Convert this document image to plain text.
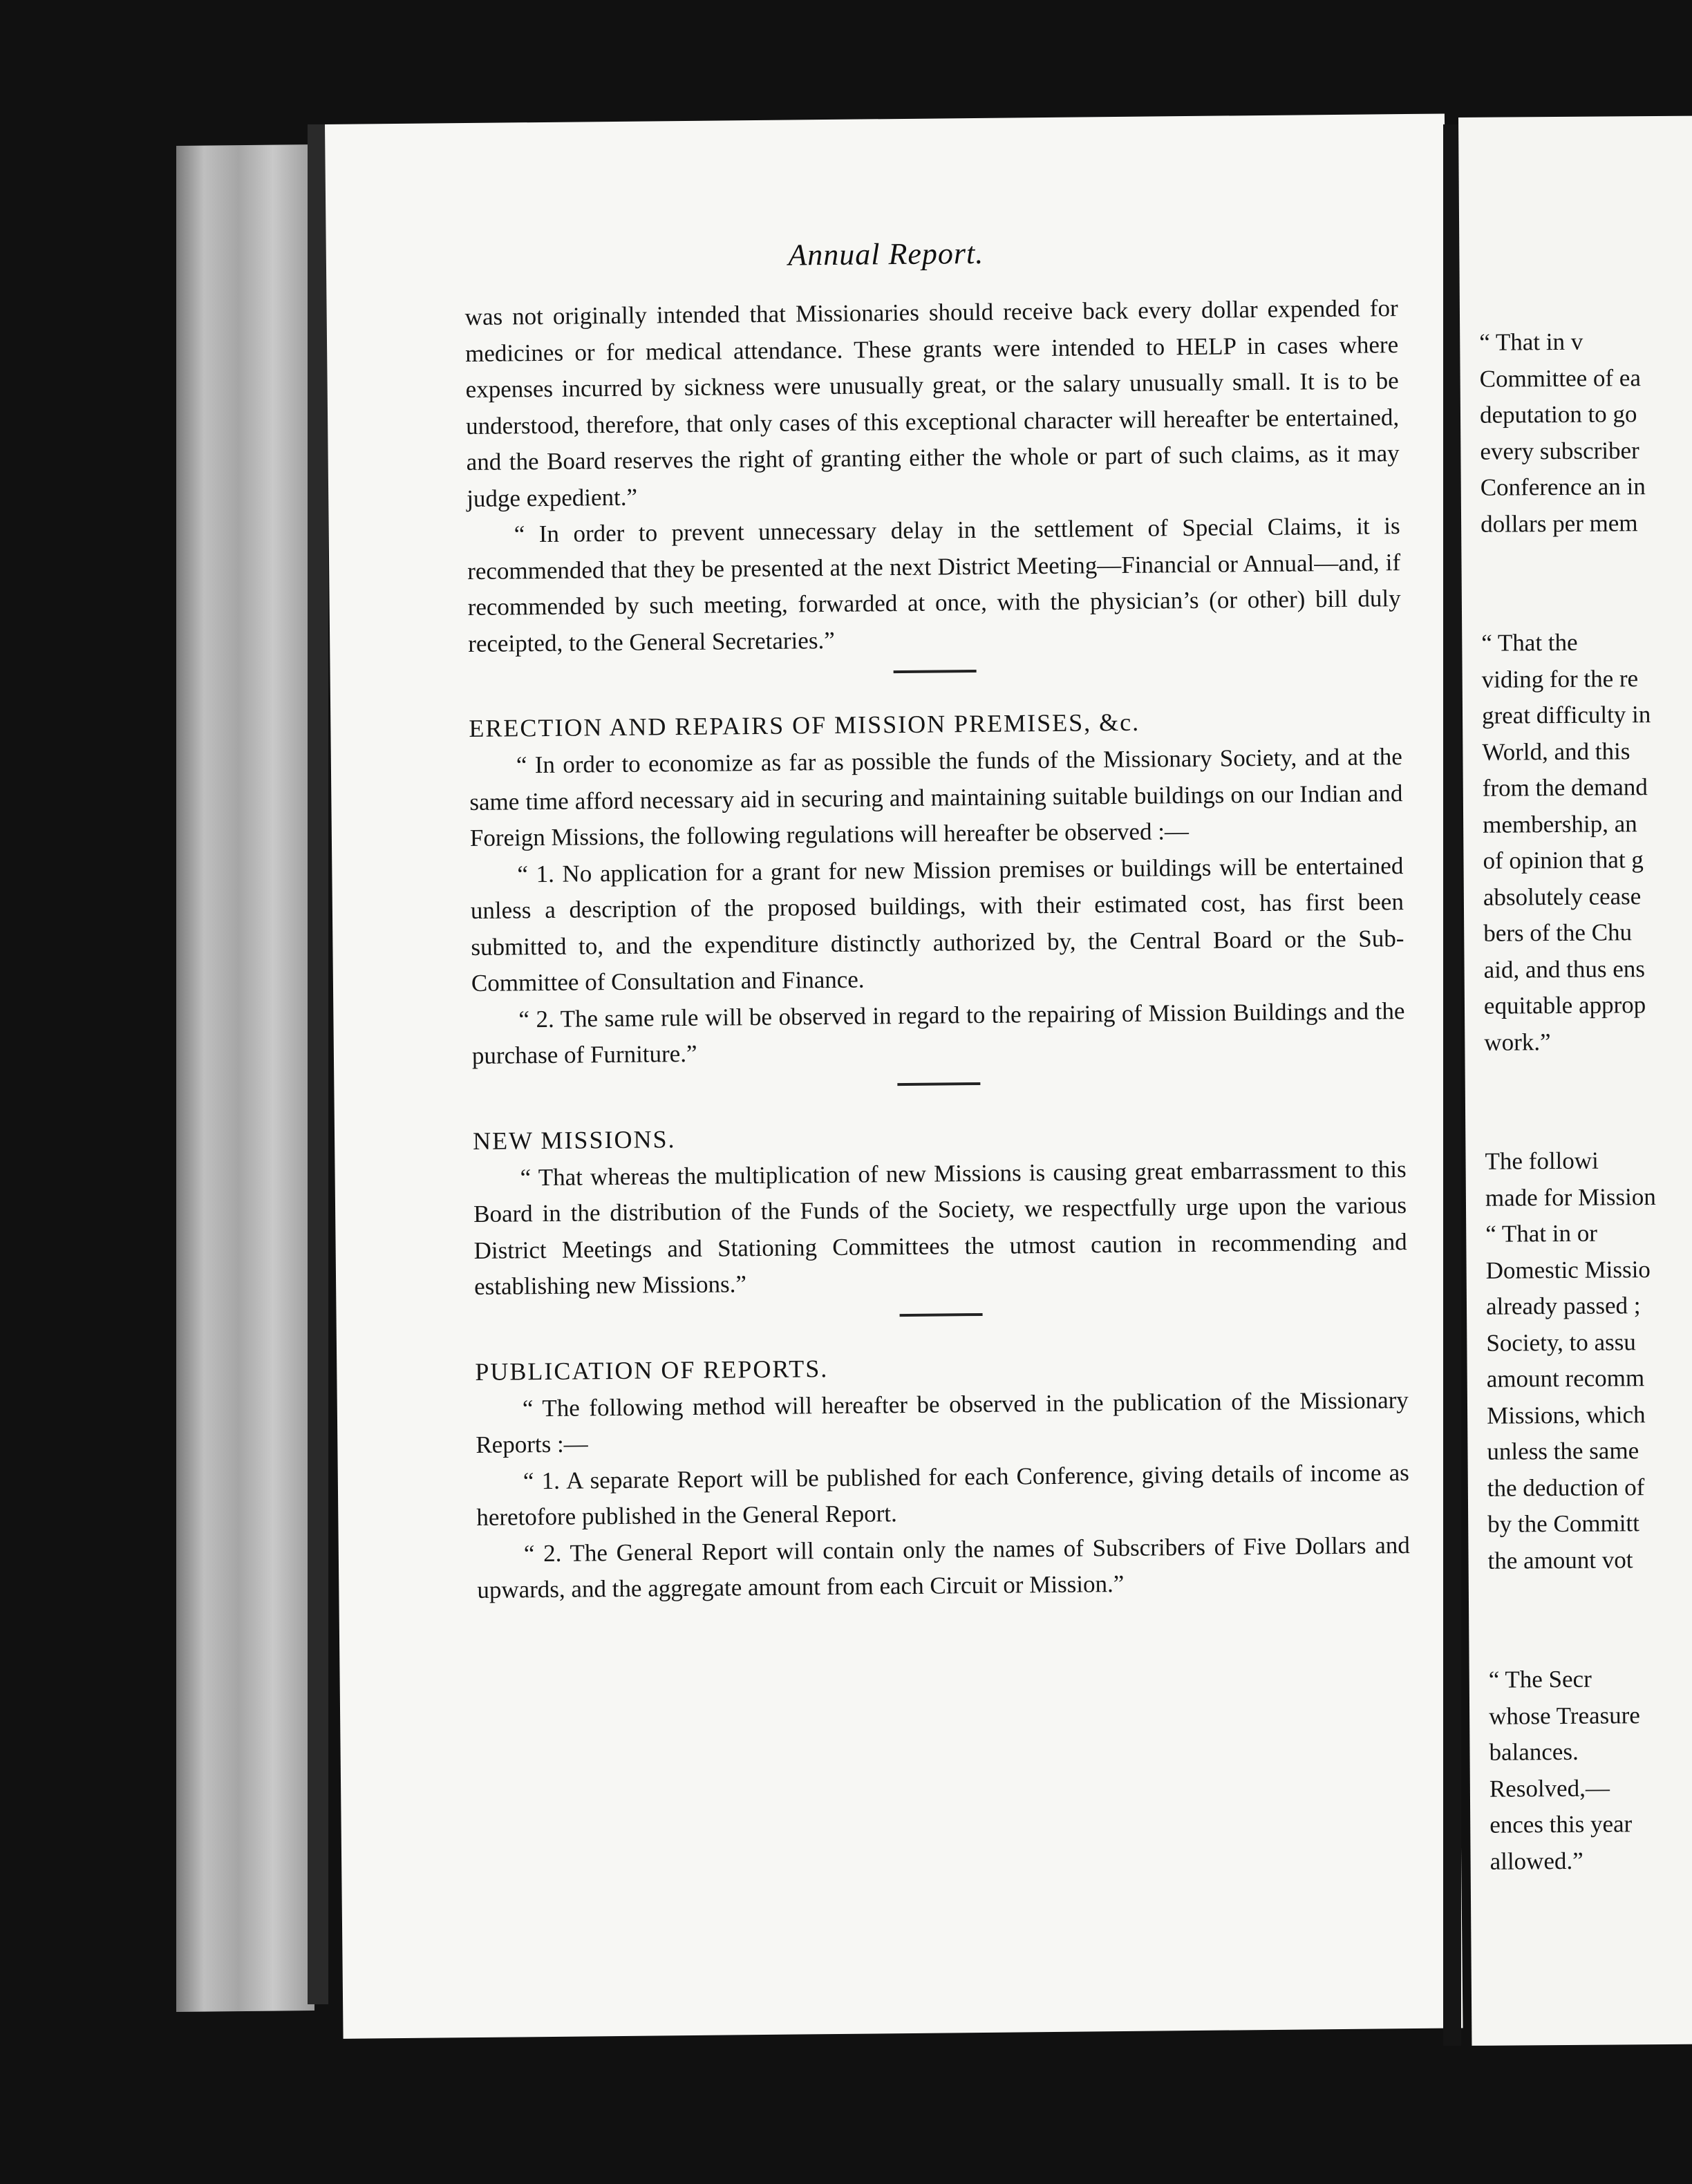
Annual Report.

was not originally intended that Missionaries should receive back every dollar expended for medicines or for medical attendance. These grants were intended to HELP in cases where expenses incurred by sickness were unusually great, or the salary unusually small. It is to be understood, therefore, that only cases of this exceptional character will hereafter be entertained, and the Board reserves the right of granting either the whole or part of such claims, as it may judge expedient.”

“ In order to prevent unnecessary delay in the settlement of Special Claims, it is recommended that they be presented at the next District Meeting—Financial or Annual—and, if recommended by such meeting, forwarded at once, with the physician’s (or other) bill duly receipted, to the General Secretaries.”

ERECTION AND REPAIRS OF MISSION PREMISES, &c.

“ In order to economize as far as possible the funds of the Missionary Society, and at the same time afford necessary aid in securing and maintaining suitable buildings on our Indian and Foreign Missions, the following regulations will hereafter be observed :—

“ 1. No application for a grant for new Mission premises or buildings will be entertained unless a description of the proposed buildings, with their estimated cost, has first been submitted to, and the expenditure distinctly authorized by, the Central Board or the Sub-Committee of Consultation and Finance.

“ 2. The same rule will be observed in regard to the repairing of Mission Buildings and the purchase of Furniture.”

NEW MISSIONS.

“ That whereas the multiplication of new Missions is causing great embarrassment to this Board in the distribution of the Funds of the Society, we respectfully urge upon the various District Meetings and Stationing Committees the utmost caution in recommending and establishing new Missions.”

PUBLICATION OF REPORTS.

“ The following method will hereafter be observed in the publication of the Missionary Reports :—

“ 1. A separate Report will be published for each Conference, giving details of income as heretofore published in the General Report.

“ 2. The General Report will contain only the names of Subscribers of Five Dollars and upwards, and the aggregate amount from each Circuit or Mission.”

“ That in v
Committee of ea
deputation to go
every subscriber
Conference an in
dollars per mem
“ That the
viding for the re
great difficulty in
World, and this
from the demand
membership, an
of opinion that g
absolutely cease
bers of the Chu
aid, and thus ens
equitable approp
work.”
The followi
made for Mission
“ That in or
Domestic Missio
already passed ;
Society, to assu
amount recomm
Missions, which
unless the same
the deduction of
by the Committ
the amount vot
“ The Secr
whose Treasure
balances.
Resolved,—
ences this year
allowed.”
